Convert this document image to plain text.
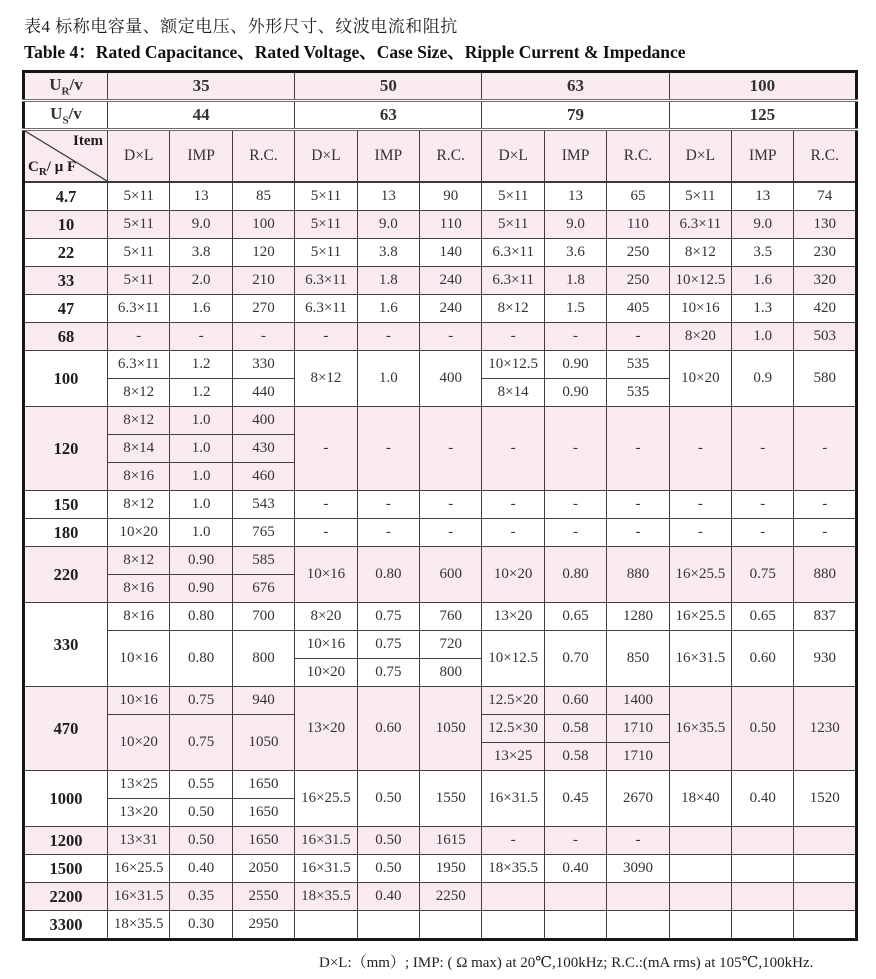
表4 标称电容量、额定电压、外形尺寸、纹波电流和阻抗
Table 4：Rated Capacitance、Rated Voltage、Case Size、Ripple Current & Impedance
$U_R/v$	35			50			63			100		
$U_S/v$	44			63			79			125		

Item
$C_R/$ μ F	D×L	IMP	R.C.	D×L	IMP	R.C.	D×L	IMP	R.C.	D×L	IMP	R.C.
4.7	5×11	13	85	5×11	13	90	5×11	13	65	5×11	13	74
10	5×11	9.0	100	5×11	9.0	110	5×11	9.0	110	6.3×11	9.0	130
22	5×11	3.8	120	5×11	3.8	140	6.3×11	3.6	250	8×12	3.5	230
33	5×11	2.0	210	6.3×11	1.8	240	6.3×11	1.8	250	10×12.5	1.6	320
47	6.3×11	1.6	270	6.3×11	1.6	240	8×12	1.5	405	10×16	1.3	420
68	-	-	-	-	-	-	-	-	-	8×20	1.0	503
100	6.3×11	1.2	330	8×12	1.0	400	10×12.5	0.90	535	10×20	0.9	580
	8×12	1.2	440				8×14	0.90	535			
120	8×12	1.0	400	-	-	-	-	-	-	-	-	-
	8×14	1.0	430									
	8×16	1.0	460									
150	8×12	1.0	543	-	-	-	-	-	-	-	-	-
180	10×20	1.0	765	-	-	-	-	-	-	-	-	-
220	8×12	0.90	585	10×16	0.80	600	10×20	0.80	880	16×25.5	0.75	880
	8×16	0.90	676									
330	8×16	0.80	700	8×20	0.75	760	13×20	0.65	1280	16×25.5	0.65	837
	10×16	0.80	800	10×16	0.75	720	10×12.5	0.70	850	16×31.5	0.60	930
				10×20	0.75	800						
470	10×16	0.75	940	13×20	0.60	1050	12.5×20	0.60	1400	16×35.5	0.50	1230
	10×20	0.75	1050				12.5×30	0.58	1710			
							13×25	0.58	1710			
1000	13×25	0.55	1650	16×25.5	0.50	1550	16×31.5	0.45	2670	18×40	0.40	1520
	13×20	0.50	1650									
1200	13×31	0.50	1650	16×31.5	0.50	1615	-	-	-			
1500	16×25.5	0.40	2050	16×31.5	0.50	1950	18×35.5	0.40	3090			
2200	16×31.5	0.35	2550	18×35.5	0.40	2250						
3300	18×35.5	0.30	2950									
D×L:（mm）; IMP: ( Ω max) at 20℃,100kHz; R.C.:(mA rms) at 105℃,100kHz.
